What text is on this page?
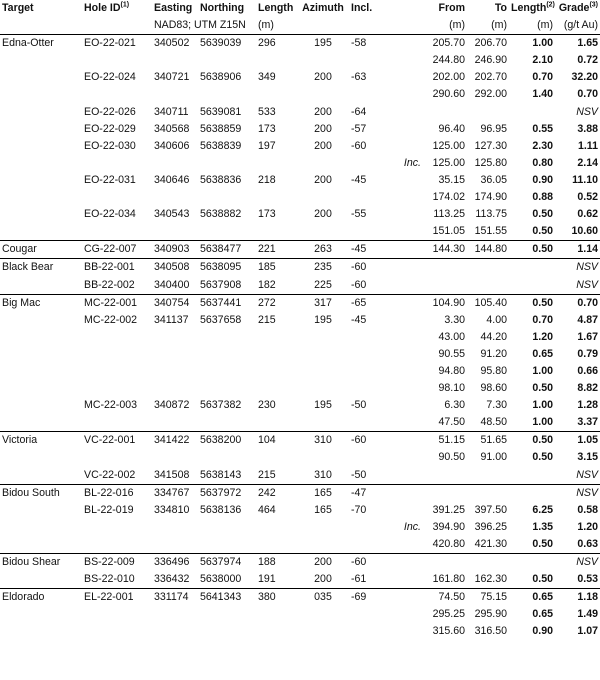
Target	Hole ID$^{(1)}$	Easting	Northing	Length	Azimuth	Incl.		From	To	Length$^{(2)}$	Grade$^{(3)}$
		NAD83; UTM Z15N		(m)				(m)	(m)	(m)	(g/t Au)
Edna-Otter	EO-22-021	340502	5639039	296	195	-58		205.70	206.70	1.00	1.65
								244.80	246.90	2.10	0.72
	EO-22-024	340721	5638906	349	200	-63		202.00	202.70	0.70	32.20
								290.60	292.00	1.40	0.70
	EO-22-026	340711	5639081	533	200	-64					NSV
	EO-22-029	340568	5638859	173	200	-57		96.40	96.95	0.55	3.88
	EO-22-030	340606	5638839	197	200	-60		125.00	127.30	2.30	1.11
							Inc.	125.00	125.80	0.80	2.14
	EO-22-031	340646	5638836	218	200	-45		35.15	36.05	0.90	11.10
								174.02	174.90	0.88	0.52
	EO-22-034	340543	5638882	173	200	-55		113.25	113.75	0.50	0.62
								151.05	151.55	0.50	10.60
Cougar	CG-22-007	340903	5638477	221	263	-45		144.30	144.80	0.50	1.14
Black Bear	BB-22-001	340508	5638095	185	235	-60					NSV
	BB-22-002	340400	5637908	182	225	-60					NSV
Big Mac	MC-22-001	340754	5637441	272	317	-65		104.90	105.40	0.50	0.70
	MC-22-002	341137	5637658	215	195	-45		3.30	4.00	0.70	4.87
								43.00	44.20	1.20	1.67
								90.55	91.20	0.65	0.79
								94.80	95.80	1.00	0.66
								98.10	98.60	0.50	8.82
	MC-22-003	340872	5637382	230	195	-50		6.30	7.30	1.00	1.28
								47.50	48.50	1.00	3.37
Victoria	VC-22-001	341422	5638200	104	310	-60		51.15	51.65	0.50	1.05
								90.50	91.00	0.50	3.15
	VC-22-002	341508	5638143	215	310	-50					NSV
Bidou South	BL-22-016	334767	5637972	242	165	-47					NSV
	BL-22-019	334810	5638136	464	165	-70		391.25	397.50	6.25	0.58
							Inc.	394.90	396.25	1.35	1.20
								420.80	421.30	0.50	0.63
Bidou Shear	BS-22-009	336496	5637974	188	200	-60					NSV
	BS-22-010	336432	5638000	191	200	-61		161.80	162.30	0.50	0.53
Eldorado	EL-22-001	331174	5641343	380	035	-69		74.50	75.15	0.65	1.18
								295.25	295.90	0.65	1.49
								315.60	316.50	0.90	1.07
